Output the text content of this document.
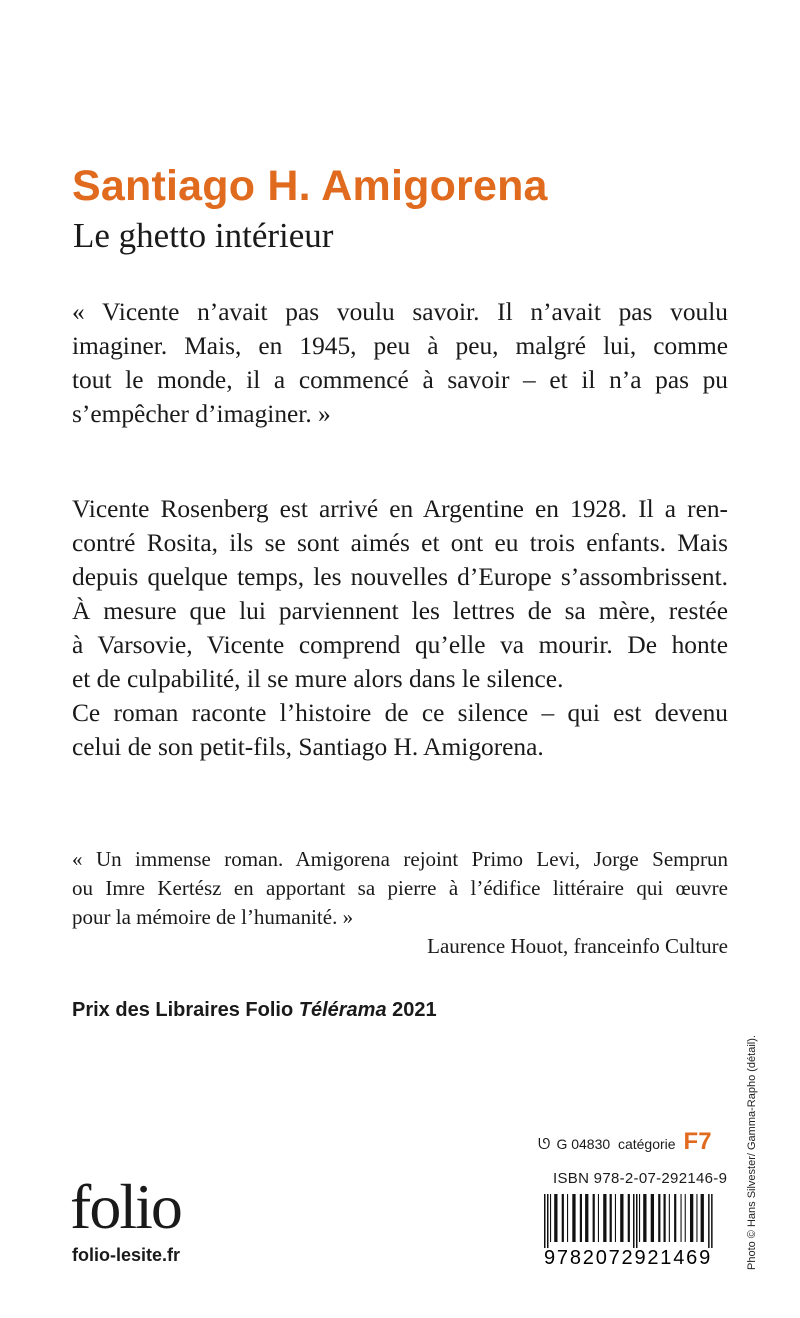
Santiago H. Amigorena
Le ghetto intérieur
« Vicente n’avait pas voulu savoir. Il n’avait pas voulu
imaginer. Mais, en 1945, peu à peu, malgré lui, comme
tout le monde, il a commencé à savoir – et il n’a pas pu
s’empêcher d’imaginer. »
Vicente Rosenberg est arrivé en Argentine en 1928. Il a ren-
contré Rosita, ils se sont aimés et ont eu trois enfants. Mais
depuis quelque temps, les nouvelles d’Europe s’assombrissent.
À mesure que lui parviennent les lettres de sa mère, restée
à Varsovie, Vicente comprend qu’elle va mourir. De honte
et de culpabilité, il se mure alors dans le silence.
Ce roman raconte l’histoire de ce silence – qui est devenu
celui de son petit-fils, Santiago H. Amigorena.
« Un immense roman. Amigorena rejoint Primo Levi, Jorge Semprun
ou Imre Kertész en apportant sa pierre à l’édifice littéraire qui œuvre
pour la mémoire de l’humanité. »
Laurence Houot, franceinfo Culture
Prix des Libraires Folio Télérama 2021
Photo © Hans Silvester/ Gamma-Rapho (détail).
ᘎ G 04830
catégorie F7
ISBN 978-2-07-292146-9
9782072921469
folio
folio-lesite.fr
